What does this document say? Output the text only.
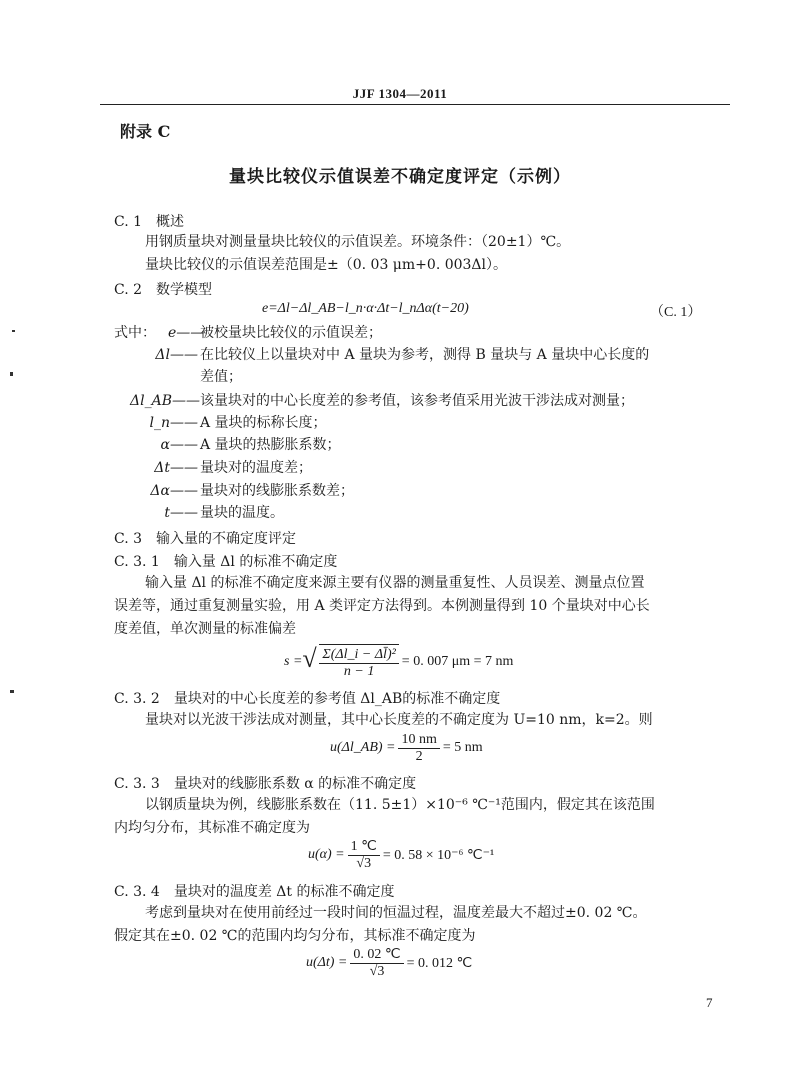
JJF 1304—2011
附录 C
量块比较仪示值误差不确定度评定（示例）
C. 1　概述
用钢质量块对测量量块比较仪的示值误差。环境条件：（20±1）℃。
量块比较仪的示值误差范围是±（0. 03 μm+0. 003Δl）。
C. 2　数学模型
e=Δl−Δl_AB−l_n·α·Δt−l_nΔα(t−20)	（C. 1）
式中： e——
被校量块比较仪的示值误差；
Δl—— 在比较仪上以量块对中 A 量块为参考，测得 B 量块与 A 量块中心长度的
差值；
Δl_AB—— 该量块对的中心长度差的参考值，该参考值采用光波干涉法成对测量；
l_n—— A 量块的标称长度；
α—— A 量块的热膨胀系数；
Δt—— 量块对的温度差；
Δα—— 量块对的线膨胀系数差；
t—— 量块的温度。
C. 3　输入量的不确定度评定
C. 3. 1　输入量 Δl 的标准不确定度
输入量 Δl 的标准不确定度来源主要有仪器的测量重复性、人员误差、测量点位置
误差等，通过重复测量实验，用 A 类评定方法得到。本例测量得到 10 个量块对中心长
度差值，单次测量的标准偏差
s = √ $\frac{\text{Σ(Δl\_i − Δl̄)²}}{n - 1} = 0$. 007 μm = 7 nm
C. 3. 2　量块对的中心长度差的参考值 Δl_AB的标准不确定度
量块对以光波干涉法成对测量，其中心长度差的不确定度为 U=10 nm，k=2。则
u(Δl_AB) = $\frac{10 nm}{2} = 5$ nm
C. 3. 3　量块对的线膨胀系数 α 的标准不确定度
以钢质量块为例，线膨胀系数在（11. 5±1）×10⁻⁶ ℃⁻¹范围内，假定其在该范围
内均匀分布，其标准不确定度为
$u(\alpha) = \frac{1 ℃}{√3} = 0$. 58 × 10⁻⁶ ℃⁻¹
C. 3. 4　量块对的温度差 Δt 的标准不确定度
考虑到量块对在使用前经过一段时间的恒温过程，温度差最大不超过±0. 02 ℃。
假定其在±0. 02 ℃的范围内均匀分布，其标准不确定度为
$u(\Delta t) = \frac{0. 02 ℃}{√3} = 0$. 012 ℃
7
